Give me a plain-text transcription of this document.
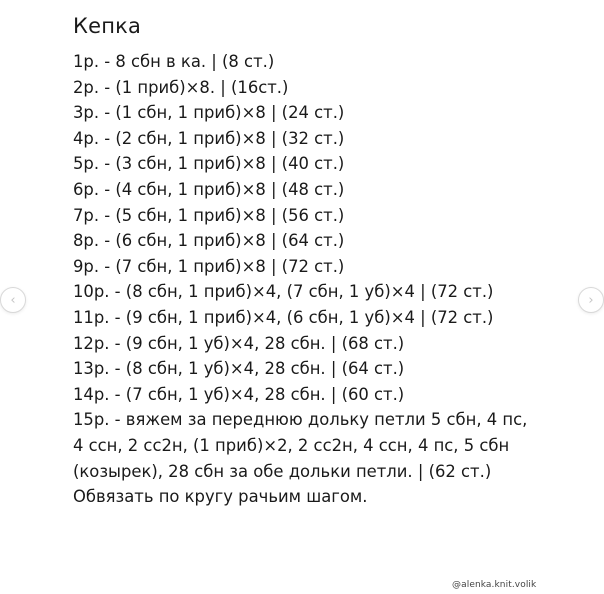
Кепка
1р. - 8 сбн в ка. | (8 ст.)
2р. - (1 приб)×8. | (16ст.)
3р. - (1 сбн, 1 приб)×8 | (24 ст.)
4р. - (2 сбн, 1 приб)×8 | (32 ст.)
5р. - (3 сбн, 1 приб)×8 | (40 ст.)
6р. - (4 сбн, 1 приб)×8 | (48 ст.)
7р. - (5 сбн, 1 приб)×8 | (56 ст.)
8р. - (6 сбн, 1 приб)×8 | (64 ст.)
9р. - (7 сбн, 1 приб)×8 | (72 ст.)
10р. - (8 сбн, 1 приб)×4, (7 сбн, 1 уб)×4 | (72 ст.)
11р. - (9 сбн, 1 приб)×4, (6 сбн, 1 уб)×4 | (72 ст.)
12р. - (9 сбн, 1 уб)×4, 28 сбн. | (68 ст.)
13р. - (8 сбн, 1 уб)×4, 28 сбн. | (64 ст.)
14р. - (7 сбн, 1 уб)×4, 28 сбн. | (60 ст.)
15р. - вяжем за переднюю дольку петли 5 сбн, 4 пс, 4 ссн, 2 сс2н, (1 приб)×2, 2 сс2н, 4 ссн, 4 пс, 5 сбн (козырек), 28 сбн за обе дольки петли. | (62 ст.)
Обвязать по кругу рачьим шагом.
‹	›
@alenka.knit.volik
